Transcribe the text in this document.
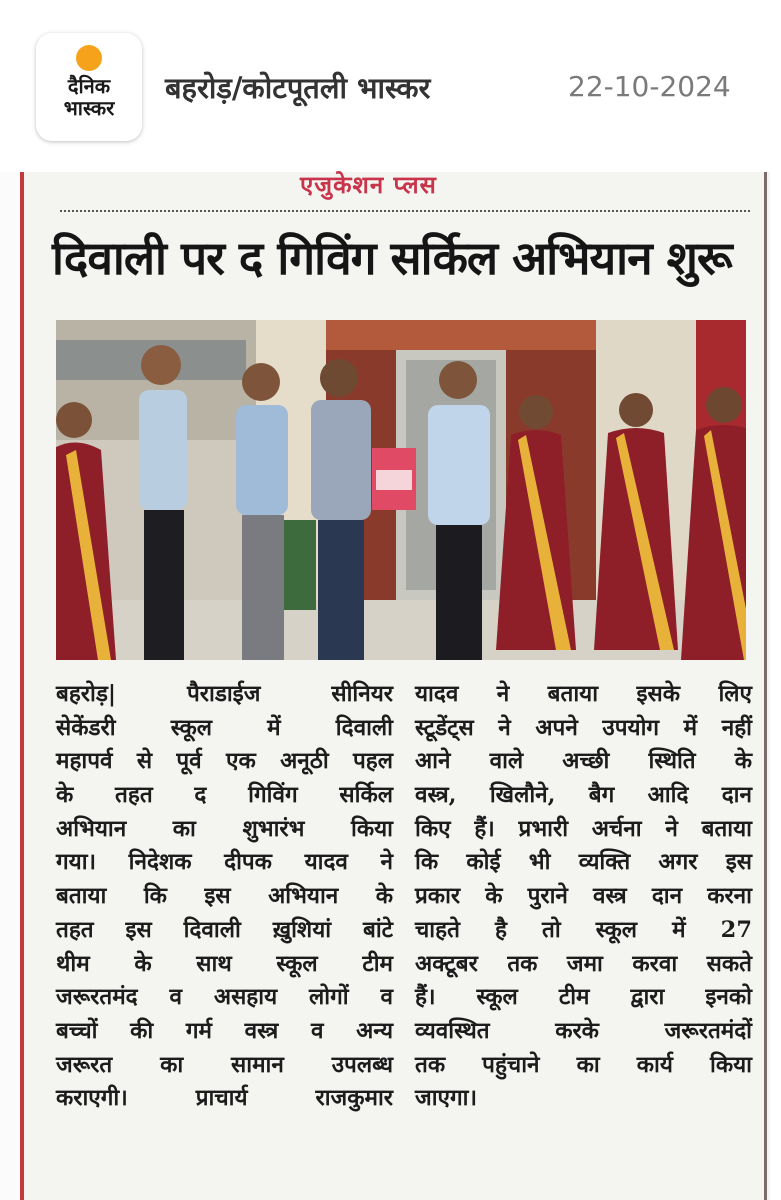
दैनिक
भास्कर
बहरोड़/कोटपूतली भास्कर	22-10-2024
एजुकेशन प्लस
दिवाली पर द गिविंग सर्किल अभियान शुरू
बहरोड़| पैराडाईज सीनियर
सेकेंडरी स्कूल में दिवाली
महापर्व से पूर्व एक अनूठी पहल
के तहत द गिविंग सर्किल
अभियान का शुभारंभ किया
गया। निदेशक दीपक यादव ने
बताया कि इस अभियान के
तहत इस दिवाली ख़ुशियां बांटे
थीम के साथ स्कूल टीम
जरूरतमंद व असहाय लोगों व
बच्चों की गर्म वस्त्र व अन्य
जरूरत का सामान उपलब्ध
कराएगी। प्राचार्य राजकुमार
यादव ने बताया इसके लिए
स्टूडेंट्स ने अपने उपयोग में नहीं
आने वाले अच्छी स्थिति के
वस्त्र, खिलौने, बैग आदि दान
किए हैं। प्रभारी अर्चना ने बताया
कि कोई भी व्यक्ति अगर इस
प्रकार के पुराने वस्त्र दान करना
चाहते है तो स्कूल में 27
अक्टूबर तक जमा करवा सकते
हैं। स्कूल टीम द्वारा इनको
व्यवस्थित करके जरूरतमंदों
तक पहुंचाने का कार्य किया
जाएगा।
